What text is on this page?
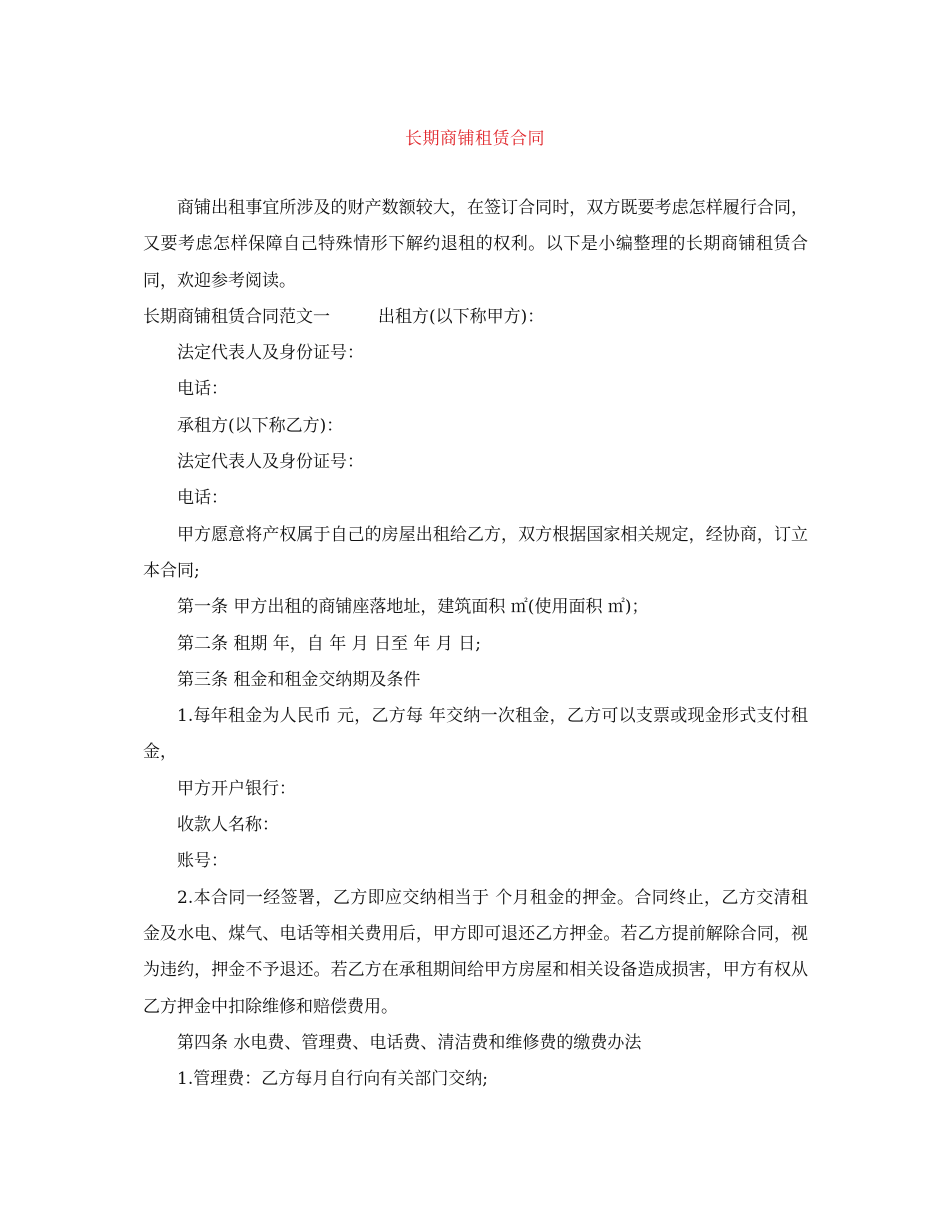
长期商铺租赁合同

商铺出租事宜所涉及的财产数额较大，在签订合同时，双方既要考虑怎样履行合同，又要考虑怎样保障自己特殊情形下解约退租的权利。以下是小编整理的长期商铺租赁合同，欢迎参考阅读。

长期商铺租赁合同范文一	出租方(以下称甲方)：

法定代表人及身份证号：

电话：

承租方(以下称乙方)：

法定代表人及身份证号：

电话：

甲方愿意将产权属于自己的房屋出租给乙方，双方根据国家相关规定，经协商，订立本合同;

第一条 甲方出租的商铺座落地址，建筑面积 ㎡(使用面积 ㎡)；

第二条 租期 年，自 年 月 日至 年 月 日;

第三条 租金和租金交纳期及条件

1.每年租金为人民币 元，乙方每 年交纳一次租金，乙方可以支票或现金形式支付租金，

甲方开户银行：

收款人名称：

账号：

2.本合同一经签署，乙方即应交纳相当于 个月租金的押金。合同终止，乙方交清租金及水电、煤气、电话等相关费用后，甲方即可退还乙方押金。若乙方提前解除合同，视为违约，押金不予退还。若乙方在承租期间给甲方房屋和相关设备造成损害，甲方有权从乙方押金中扣除维修和赔偿费用。

第四条 水电费、管理费、电话费、清洁费和维修费的缴费办法

1.管理费：乙方每月自行向有关部门交纳;
